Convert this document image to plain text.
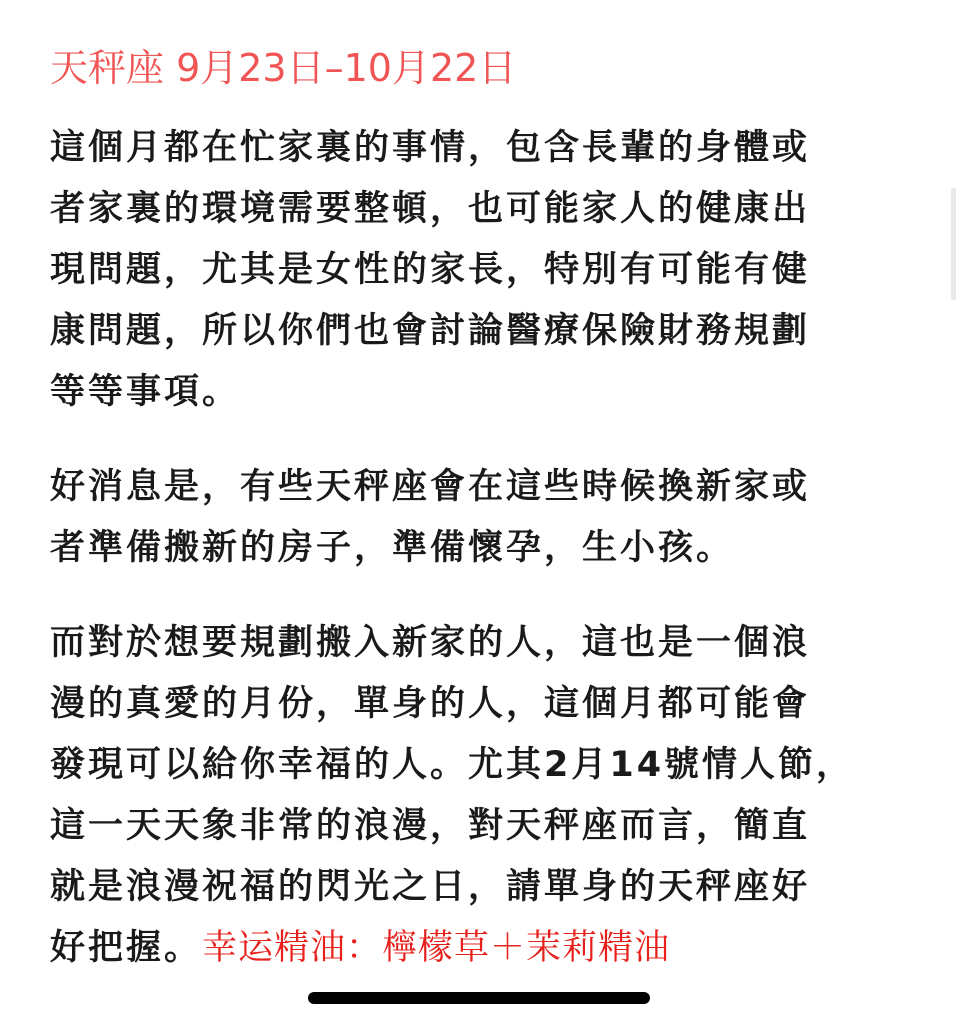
天秤座 9月23日–10月22日

這個月都在忙家裏的事情，包含長輩的身體或
者家裏的環境需要整頓，也可能家人的健康出
現問題，尤其是女性的家長，特別有可能有健
康問題，所以你們也會討論醫療保險財務規劃
等等事項。

好消息是，有些天秤座會在這些時候換新家或
者準備搬新的房子，準備懷孕，生小孩。

而對於想要規劃搬入新家的人，這也是一個浪
漫的真愛的月份，單身的人，這個月都可能會
發現可以給你幸福的人。尤其2月14號情人節，
這一天天象非常的浪漫，對天秤座而言，簡直
就是浪漫祝福的閃光之日，請單身的天秤座好
好把握。幸运精油：檸檬草＋茉莉精油
